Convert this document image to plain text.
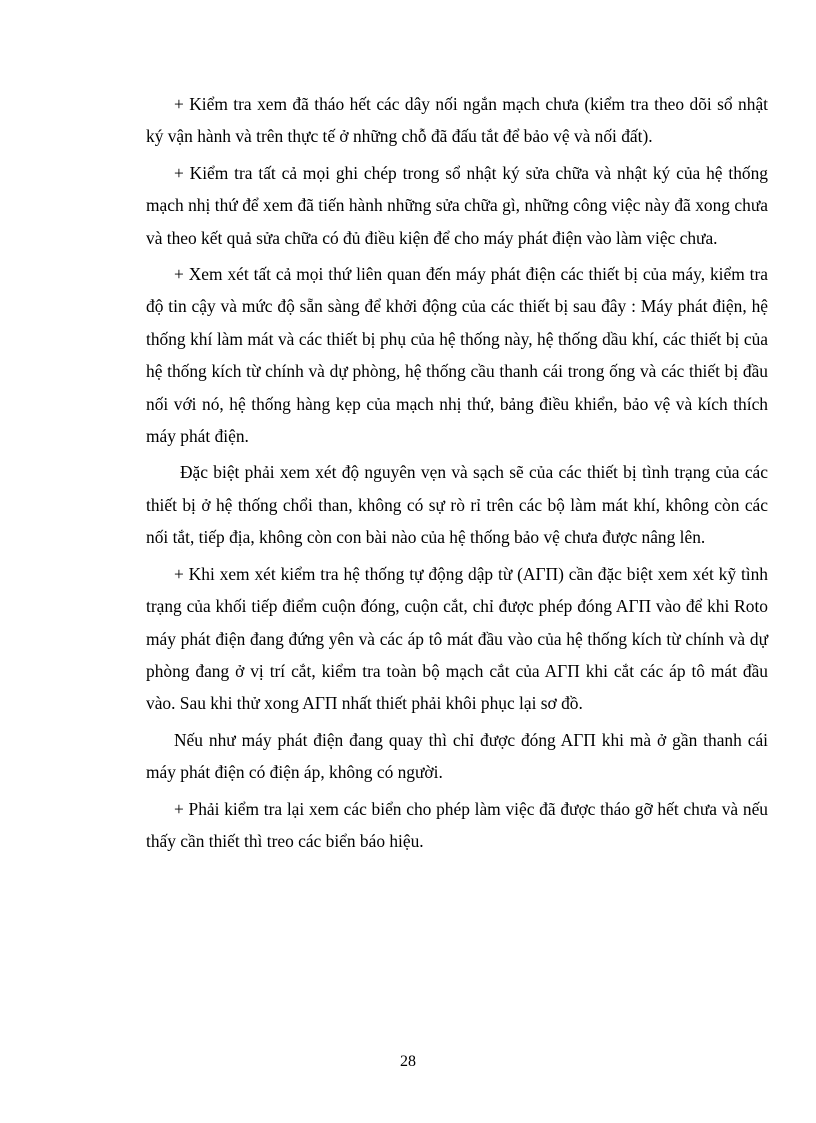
+ Kiểm tra xem đã tháo hết các dây nối ngắn mạch chưa (kiểm tra theo dõi sổ nhật ký vận hành và trên thực tế ở những chỗ đã đấu tắt để bảo vệ và nối đất).

+ Kiểm tra tất cả mọi ghi chép trong sổ nhật ký sửa chữa và nhật ký của hệ thống mạch nhị thứ để xem đã tiến hành những sửa chữa gì, những công việc này đã xong chưa và theo kết quả sửa chữa có đủ điều kiện để cho máy phát điện vào làm việc chưa.

+ Xem xét tất cả mọi thứ liên quan đến máy phát điện các thiết bị của máy, kiểm tra độ tin cậy và mức độ sẵn sàng để khởi động của các thiết bị sau đây : Máy phát điện, hệ thống khí làm mát và các thiết bị phụ của hệ thống này, hệ thống dầu khí, các thiết bị của hệ thống kích từ chính và dự phòng, hệ thống cầu thanh cái trong ống và các thiết bị đầu nối với nó, hệ thống hàng kẹp của mạch nhị thứ, bảng điều khiển, bảo vệ và kích thích máy phát điện.

Đặc biệt phải xem xét độ nguyên vẹn và sạch sẽ của các thiết bị tình trạng của các thiết bị ở hệ thống chổi than, không có sự rò rỉ trên các bộ làm mát khí, không còn các nối tắt, tiếp địa, không còn con bài nào của hệ thống bảo vệ chưa được nâng lên.

+ Khi xem xét kiểm tra hệ thống tự động dập từ (AГП) cần đặc biệt xem xét kỹ tình trạng của khối tiếp điểm cuộn đóng, cuộn cắt, chỉ được phép đóng AГП vào để khi Roto máy phát điện đang đứng yên và các áp tô mát đầu vào của hệ thống kích từ chính và dự phòng đang ở vị trí cắt, kiểm tra toàn bộ mạch cắt của AГП khi cắt các áp tô mát đầu vào. Sau khi thử xong AГП nhất thiết phải khôi phục lại sơ đồ.

Nếu như máy phát điện đang quay thì chỉ được đóng AГП khi mà ở gần thanh cái máy phát điện có điện áp, không có người.

+ Phải kiểm tra lại xem các biển cho phép làm việc đã được tháo gỡ hết chưa và nếu thấy cần thiết thì treo các biển báo hiệu.

28
